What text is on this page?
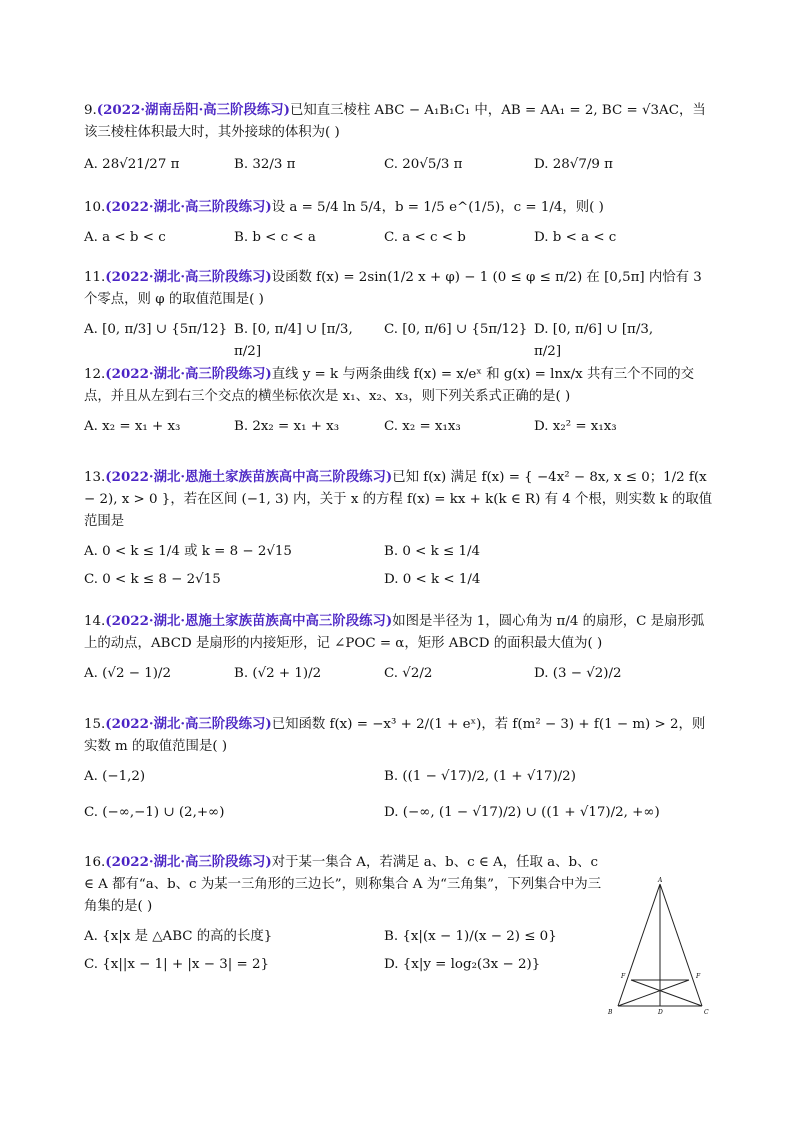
9.(2022·湖南岳阳·高三阶段练习)已知直三棱柱 ABC − A₁B₁C₁ 中，AB = AA₁ = 2, BC = √3AC，当该三棱柱体积最大时，其外接球的体积为( )
A. 28√21/27 π	B. 32/3 π	C. 20√5/3 π	D. 28√7/9 π
10.(2022·湖北·高三阶段练习)设 a = 5/4 ln 5/4，b = 1/5 e^(1/5)，c = 1/4，则( )
A. a < b < c	B. b < c < a	C. a < c < b	D. b < a < c
11.(2022·湖北·高三阶段练习)设函数 f(x) = 2sin(1/2 x + φ) − 1 (0 ≤ φ ≤ π/2) 在 [0,5π] 内恰有 3 个零点，则 φ 的取值范围是( )
A. [0, π/3] ∪ {5π/12} B. [0, π/4] ∪ [π/3, π/2]
C. [0, π/6] ∪ {5π/12} D. [0, π/6] ∪ [π/3, π/2]
12.(2022·湖北·高三阶段练习)直线 y = k 与两条曲线 f(x) = x/eˣ 和 g(x) = lnx/x 共有三个不同的交点，并且从左到右三个交点的横坐标依次是 x₁、x₂、x₃，则下列关系式正确的是( )
A. x₂ = x₁ + x₃	B. 2x₂ = x₁ + x₃	C. x₂ = x₁x₃	D. x₂² = x₁x₃
13.(2022·湖北·恩施土家族苗族高中高三阶段练习)已知 f(x) 满足 f(x) = { −4x² − 8x, x ≤ 0；1/2 f(x − 2), x > 0 }，若在区间 (−1, 3) 内，关于 x 的方程 f(x) = kx + k(k ∈ R) 有 4 个根，则实数 k 的取值范围是
A. 0 < k ≤ 1/4 或 k = 8 − 2√15	B. 0 < k ≤ 1/4
C. 0 < k ≤ 8 − 2√15	D. 0 < k < 1/4
14.(2022·湖北·恩施土家族苗族高中高三阶段练习)如图是半径为 1，圆心角为 π/4 的扇形，C 是扇形弧上的动点，ABCD 是扇形的内接矩形，记 ∠POC = α，矩形 ABCD 的面积最大值为( )
A. (√2 − 1)/2	B. (√2 + 1)/2	C. √2/2	D. (3 − √2)/2
15.(2022·湖北·高三阶段练习)已知函数 f(x) = −x³ + 2/(1 + eˣ)，若 f(m² − 3) + f(1 − m) > 2，则实数 m 的取值范围是( )
A. (−1,2)	B. ((1 − √17)/2, (1 + √17)/2)
C. (−∞,−1) ∪ (2,+∞)	D. (−∞, (1 − √17)/2) ∪ ((1 + √17)/2, +∞)
16.(2022·湖北·高三阶段练习)对于某一集合 A，若满足 a、b、c ∈ A，任取 a、b、c ∈ A 都有“a、b、c 为某一三角形的三边长”，则称集合 A 为“三角集”，下列集合中为三角集的是( )
A. {x|x 是 △ABC 的高的长度}	B. {x|(x − 1)/(x − 2) ≤ 0}
C. {x||x − 1| + |x − 3| = 2}	D. {x|y = log₂(3x − 2)}
A
F	F
B	D	C
